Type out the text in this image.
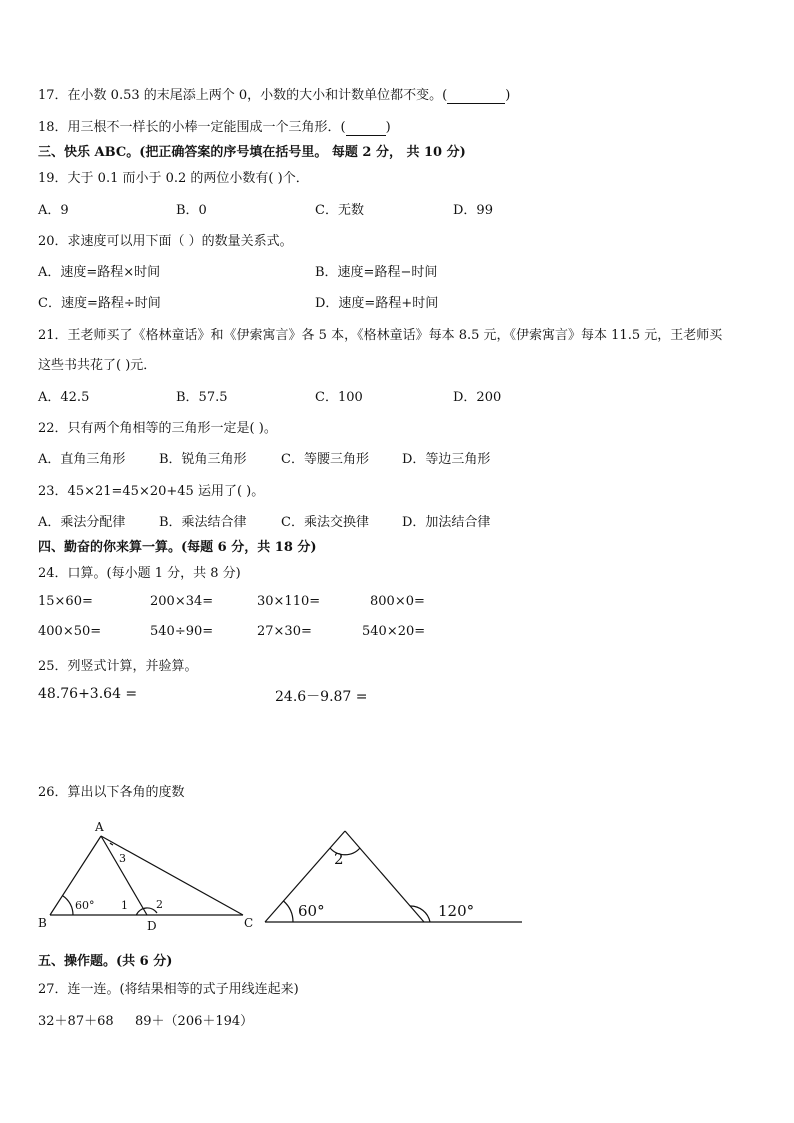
17．在小数 0.53 的末尾添上两个 0，小数的大小和计数单位都不变。(	)
18．用三根不一样长的小棒一定能围成一个三角形．(	)
三、快乐 ABC。(把正确答案的序号填在括号里。 每题 2 分， 共 10 分)
19．大于 0.1 而小于 0.2 的两位小数有( )个．
A．9	B．0	C．无数	D．99
20．求速度可以用下面（ ）的数量关系式。
A．速度=路程×时间	B．速度=路程−时间
C．速度=路程÷时间	D．速度=路程+时间
21．王老师买了《格林童话》和《伊索寓言》各 5 本，《格林童话》每本 8.5 元，《伊索寓言》每本 11.5 元，王老师买
这些书共花了( )元．
A．42.5	B．57.5	C．100	D．200
22．只有两个角相等的三角形一定是( )。
A．直角三角形	B．锐角三角形	C．等腰三角形	D．等边三角形
23．45×21=45×20+45 运用了( )。
A．乘法分配律	B．乘法结合律	C．乘法交换律	D．加法结合律
四、勤奋的你来算一算。(每题 6 分，共 18 分)
24．口算。(每小题 1 分，共 8 分)
15×60=	200×34=	30×110=	800×0=
400×50=	540÷90=	27×30=	540×20=
25．列竖式计算，并验算。
48.76+3.64 =	24.6－9.87 =
26．算出以下各角的度数
A
B	C
D
60° 1	2
3	2
60°	120°
五、操作题。(共 6 分)
27．连一连。(将结果相等的式子用线连起来)
32＋87＋68 89＋（206＋194）
